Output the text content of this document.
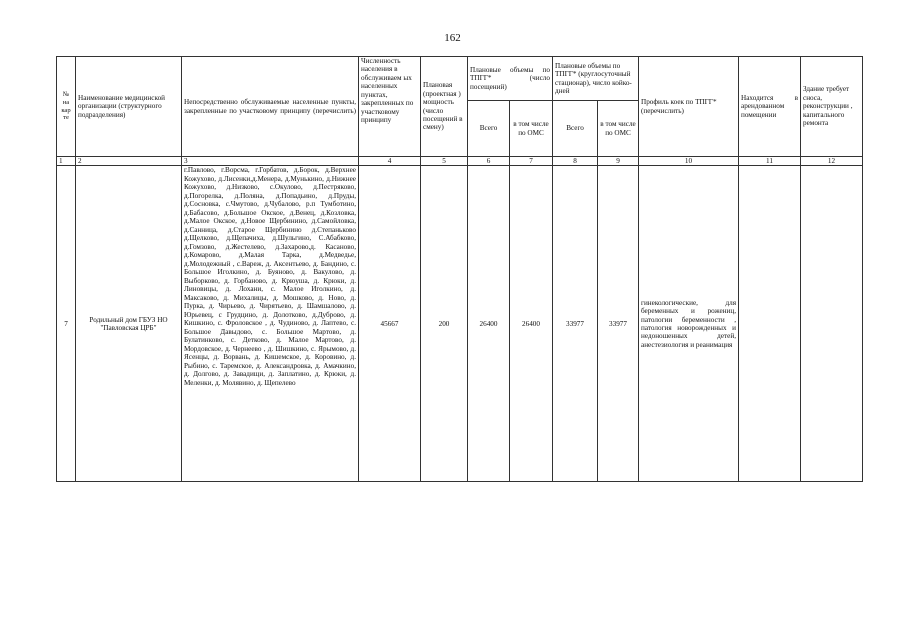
162
№ на кар те	Наименование медицинской организации (структурного подразделения)	Непосредственно обслуживаемые населенные пункты, закрепленные по участковому принципу (перечислить)	Численность населения в обслуживаем ых населенных пунктах, закрепленных по участковому принципу	Плановая (проектная ) мощность (число посещений в смену)	Плановые объемы по ТПГГ* (число посещений)		Плановые объемы по ТПГГ* (круглосуточный стационар), число койко-дней		Профиль коек по ТПГГ* (перечислить)	Находится в арендованном помещении	Здание требует сноса, реконструкции , капитального ремонта
					Всего	в том числе по ОМС	Всего	в том числе по ОМС			
1	2	3	4	5	6	7	8	9	10	11	12
7	Родильный дом ГБУЗ НО "Павловская ЦРБ"	г.Павлово, г.Ворсма, г.Горбатов, д.Борок, д.Верхнее Кожухово, д.Лисенки,д.Менера, д.Мунькино, д.Нижнее Кожухово, д.Низково, с.Окулово, д.Пестряково, д.Погорелка, д.Поляна, д.Попадьино, д.Пруды, д.Сосновка, с.Чмутово, д.Чубалово, р.п Тумботино, д.Бабасово, д.Большое Окское, д.Венец, д.Козловка, д.Малое Окское, д.Новое Щербинино, д.Самойловка, д.Санница, д.Старое Щербинино д.Степаньково д.Щелково, д.Щепачиха, д.Шульгино, С.Абабково, д.Гомзово, д.Жестелево, д.Захарово,д. Касаново, д.Комарово, д.Малая Тарка, д.Медведье, д.Молодежный , с.Вареж, д. Аксентьево, д. Бандино, с. Большое Иголкино, д. Буяново, д. Вакулово, д. Выборково, д. Горбаново, д. Крюуша, д. Крюки, д. Линовицы, д. Лохани, с. Малое Иголкино, д. Максаково, д. Михалицы, д. Мошково, д. Ново, д. Пурка, д. Чирьево, д. Чирятьево, д. Шамшалово, д. Юрьевец, с Грудцино, д. Долотково, д.Дуброво, д. Кишкино, с. Фроловское , д. Чудиново, д. Лаптево, с. Большое Давыдово, с. Большое Мартово, д. Булатинково, с. Детково, д. Малое Мартово, д. Мордовское, д. Чернеево , д. Шишкино, с. Ярымово, д. Ясенцы, д. Ворвань, д. Кишемское, д. Коровино, д. Рыбино, с. Таремское, д. Александровка, д. Амачкино, д. Долгово, д. Завадищи, д. Заплатино, д. Крюки, д. Меленки, д. Молявино, д. Щепелево	45667	200	26400	26400	33977	33977	гинекологические, для беременных и рожениц, патологии беременности , патология новорожденных и недоношенных детей, анестезиология и реанимация		
